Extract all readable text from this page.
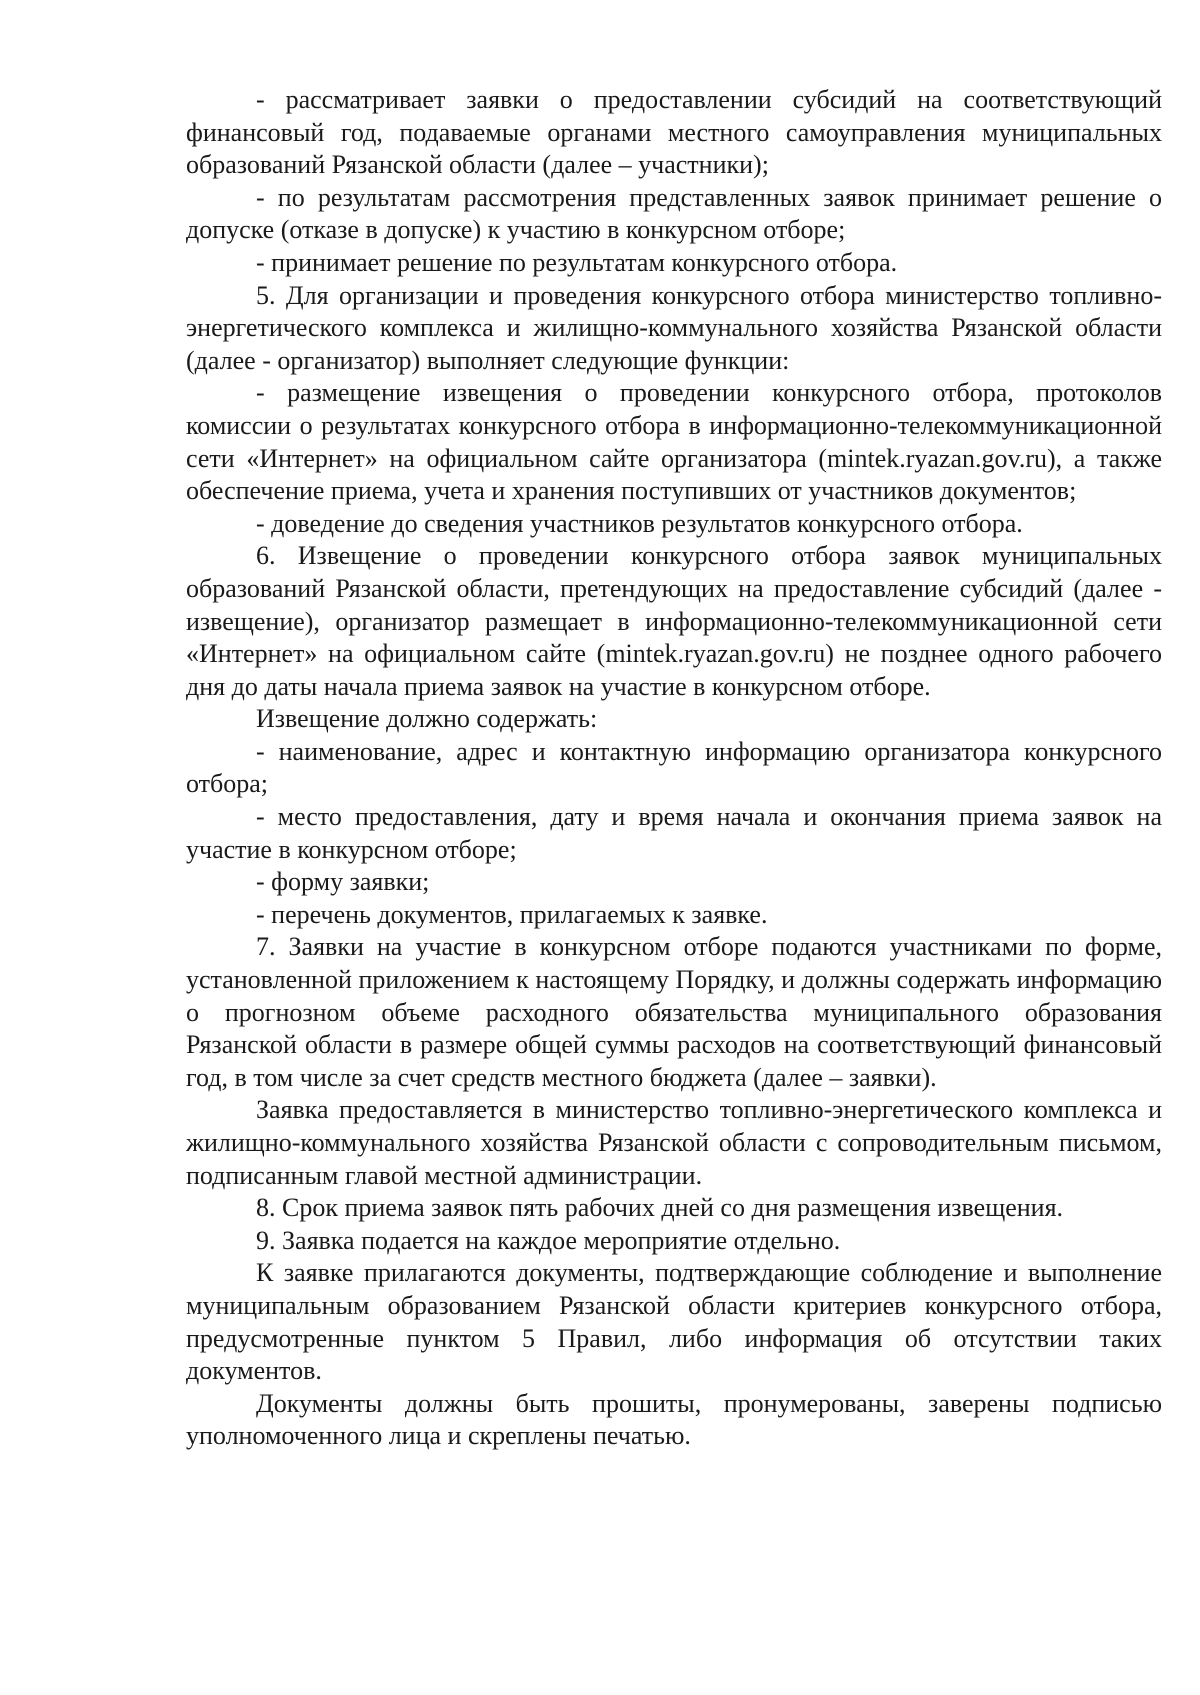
- рассматривает заявки о предоставлении субсидий на соответствующий финансовый год, подаваемые органами местного самоуправления муниципальных образований Рязанской области (далее – участники);

- по результатам рассмотрения представленных заявок принимает решение о допуске (отказе в допуске) к участию в конкурсном отборе;

- принимает решение по результатам конкурсного отбора.

5. Для организации и проведения конкурсного отбора министерство топливно-энергетического комплекса и жилищно-коммунального хозяйства Рязанской области (далее - организатор) выполняет следующие функции:

- размещение извещения о проведении конкурсного отбора, протоколов комиссии о результатах конкурсного отбора в информационно-телекоммуникационной сети «Интернет» на официальном сайте организатора (mintek.ryazan.gov.ru), а также обеспечение приема, учета и хранения поступивших от участников документов;

- доведение до сведения участников результатов конкурсного отбора.

6. Извещение о проведении конкурсного отбора заявок муниципальных образований Рязанской области, претендующих на предоставление субсидий (далее - извещение), организатор размещает в информационно-телекоммуникационной сети «Интернет» на официальном сайте (mintek.ryazan.gov.ru) не позднее одного рабочего дня до даты начала приема заявок на участие в конкурсном отборе.

Извещение должно содержать:

- наименование, адрес и контактную информацию организатора конкурсного отбора;

- место предоставления, дату и время начала и окончания приема заявок на участие в конкурсном отборе;

- форму заявки;

- перечень документов, прилагаемых к заявке.

7. Заявки на участие в конкурсном отборе подаются участниками по форме, установленной приложением к настоящему Порядку, и должны содержать информацию о прогнозном объеме расходного обязательства муниципального образования Рязанской области в размере общей суммы расходов на соответствующий финансовый год, в том числе за счет средств местного бюджета (далее – заявки).

Заявка предоставляется в министерство топливно-энергетического комплекса и жилищно-коммунального хозяйства Рязанской области с сопроводительным письмом, подписанным главой местной администрации.

8. Срок приема заявок пять рабочих дней со дня размещения извещения.

9. Заявка подается на каждое мероприятие отдельно.

К заявке прилагаются документы, подтверждающие соблюдение и выполнение муниципальным образованием Рязанской области критериев конкурсного отбора, предусмотренные пунктом 5 Правил, либо информация об отсутствии таких документов.

Документы должны быть прошиты, пронумерованы, заверены подписью уполномоченного лица и скреплены печатью.
